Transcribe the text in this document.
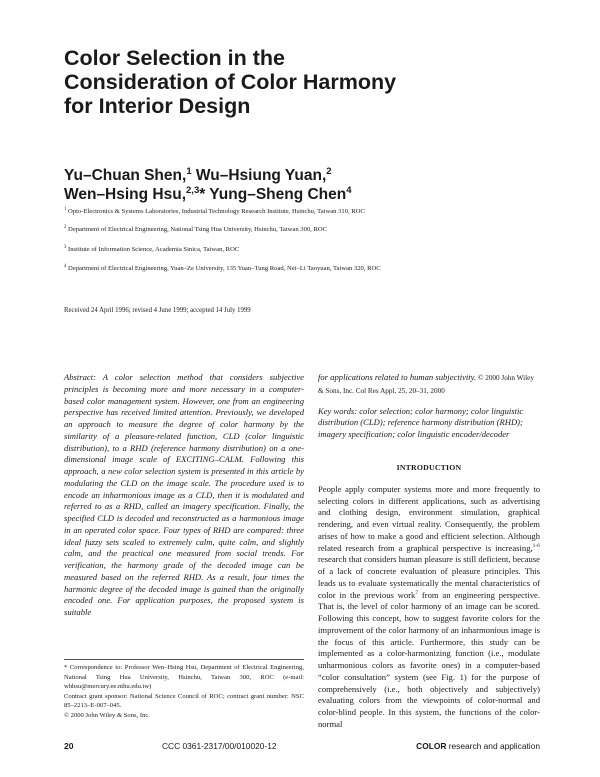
Color Selection in the
Consideration of Color Harmony
for Interior Design
Yu–Chuan Shen,$^1$ Wu–Hsiung Yuan,$^2$
Wen–Hsing Hsu,$^{2,3}$* Yung–Sheng Chen$^4$
$^1$ Opto-Electronics & Systems Laboratories, Industrial Technology Research Institute, Hsinchu, Taiwan 310, ROC
$^2$ Department of Electrical Engineering, National Tsing Hua University, Hsinchu, Taiwan 300, ROC
$^3$ Institute of Information Science, Academia Sinica, Taiwan, ROC
$^4$ Department of Electrical Engineering, Yuan–Ze University, 135 Yuan–Tung Road, Nei–Li Taoyuan, Taiwan 320, ROC
Received 24 April 1996; revised 4 June 1999; accepted 14 July 1999

Abstract: A color selection method that considers subjective principles is becoming more and more necessary in a computer-based color management system. However, one from an engineering perspective has received limited attention. Previously, we developed an approach to measure the degree of color harmony by the similarity of a pleasure-related function, CLD (color linguistic distribution), to a RHD (reference harmony distribution) on a one-dimensional image scale of EXCITING–CALM. Following this approach, a new color selection system is presented in this article by modulating the CLD on the image scale. The procedure used is to encode an inharmonious image as a CLD, then it is modulated and referred to as a RHD, called an imagery specification. Finally, the specified CLD is decoded and reconstructed as a harmonious image in an operated color space. Four types of RHD are compared: three ideal fuzzy sets scaled to extremely calm, quite calm, and slightly calm, and the practical one measured from social trends. For verification, the harmony grade of the decoded image can be measured based on the referred RHD. As a result, four times the harmonic degree of the decoded image is gained than the originally encoded one. For application purposes, the proposed system is suitable

* Correspondence to: Professor Wen–Hsing Hsu, Department of Electrical Engineering, National Tsing Hua University, Hsinchu, Taiwan 300, ROC (e-mail: whhsu@mercury.ee.nthu.edu.tw)

Contract grant sponsor: National Science Council of ROC; contract grant number: NSC 85–2213–E-007–045.

© 2000 John Wiley & Sons, Inc.

for applications related to human subjectivity. © 2000 John Wiley & Sons, Inc. Col Res Appl, 25, 20–31, 2000

Key words: color selection; color harmony; color linguistic distribution (CLD); reference harmony distribution (RHD); imagery specification; color linguistic encoder/decoder

INTRODUCTION

People apply computer systems more and more frequently to selecting colors in different applications, such as advertising and clothing design, environment simulation, graphical rendering, and even virtual reality. Consequently, the problem arises of how to make a good and efficient selection. Although related research from a graphical perspective is increasing,$^{1-6}$ research that considers human pleasure is still deficient, because of a lack of concrete evaluation of pleasure principles. This leads us to evaluate systematically the mental characteristics of color in the previous work$^7$ from an engineering perspective. That is, the level of color harmony of an image can be scored. Following this concept, how to suggest favorite colors for the improvement of the color harmony of an inharmonious image is the focus of this article. Furthermore, this study can be implemented as a color-harmonizing function (i.e., modulate unharmonious colors as favorite ones) in a computer-based “color consultation” system (see Fig. 1) for the purpose of comprehensively (i.e., both objectively and subjectively) evaluating colors from the viewpoints of color-normal and color-blind people. In this system, the functions of the color-normal

20	CCC 0361-2317/00/010020-12	COLOR research and application
